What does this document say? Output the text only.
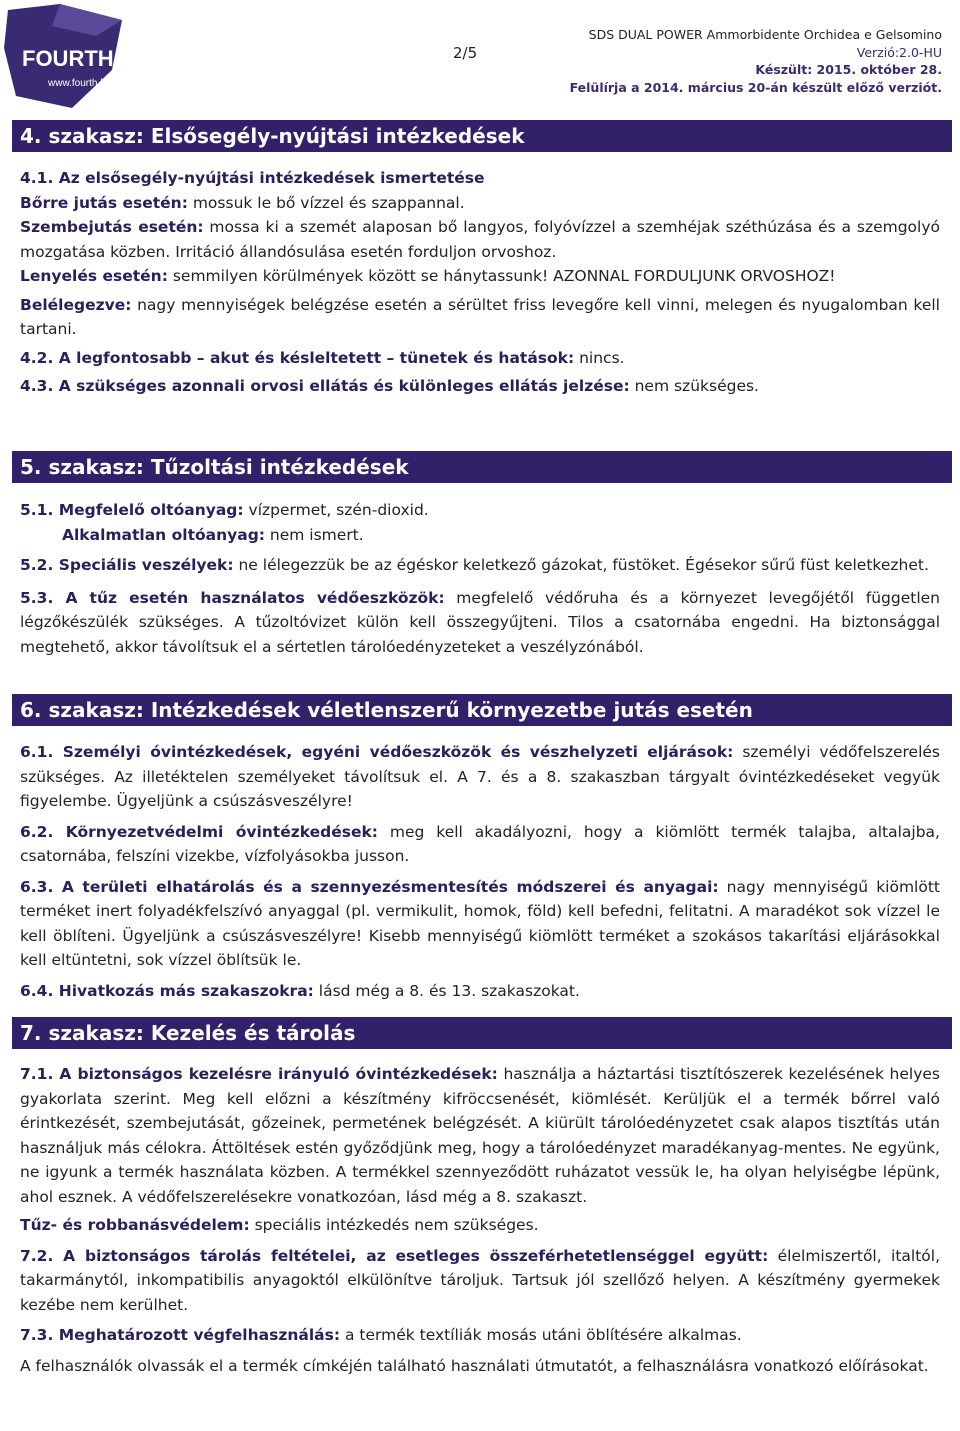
FOURTH
www.fourth.hu
2/5
SDS DUAL POWER Ammorbidente Orchidea e Gelsomino
Verzió:2.0-HU
Készült: 2015. október 28.
Felülírja a 2014. március 20-án készült előző verziót.
4. szakasz: Elsősegély-nyújtási intézkedések

4.1. Az elsősegély-nyújtási intézkedések ismertetése

Bőrre jutás esetén: mossuk le bő vízzel és szappannal.

Szembejutás esetén: mossa ki a szemét alaposan bő langyos, folyóvízzel a szemhéjak széthúzása és a szemgolyó mozgatása közben. Irritáció állandósulása esetén forduljon orvoshoz.

Lenyelés esetén: semmilyen körülmények között se hánytassunk! AZONNAL FORDULJUNK ORVOSHOZ!

Belélegezve: nagy mennyiségek belégzése esetén a sérültet friss levegőre kell vinni, melegen és nyugalomban kell tartani.

4.2. A legfontosabb – akut és késleltetett – tünetek és hatások: nincs.

4.3. A szükséges azonnali orvosi ellátás és különleges ellátás jelzése: nem szükséges.

5. szakasz: Tűzoltási intézkedések

5.1. Megfelelő oltóanyag: vízpermet, szén-dioxid.

Alkalmatlan oltóanyag: nem ismert.

5.2. Speciális veszélyek: ne lélegezzük be az égéskor keletkező gázokat, füstöket. Égésekor sűrű füst keletkezhet.

5.3. A tűz esetén használatos védőeszközök: megfelelő védőruha és a környezet levegőjétől független légzőkészülék szükséges. A tűzoltóvizet külön kell összegyűjteni. Tilos a csatornába engedni. Ha biztonsággal megtehető, akkor távolítsuk el a sértetlen tárolóedényzeteket a veszélyzónából.

6. szakasz: Intézkedések véletlenszerű környezetbe jutás esetén

6.1. Személyi óvintézkedések, egyéni védőeszközök és vészhelyzeti eljárások: személyi védőfelszerelés szükséges. Az illetéktelen személyeket távolítsuk el. A 7. és a 8. szakaszban tárgyalt óvintézkedéseket vegyük figyelembe. Ügyeljünk a csúszásveszélyre!

6.2. Környezetvédelmi óvintézkedések: meg kell akadályozni, hogy a kiömlött termék talajba, altalajba, csatornába, felszíni vizekbe, vízfolyásokba jusson.

6.3. A területi elhatárolás és a szennyezésmentesítés módszerei és anyagai: nagy mennyiségű kiömlött terméket inert folyadékfelszívó anyaggal (pl. vermikulit, homok, föld) kell befedni, felitatni. A maradékot sok vízzel le kell öblíteni. Ügyeljünk a csúszásveszélyre! Kisebb mennyiségű kiömlött terméket a szokásos takarítási eljárásokkal kell eltüntetni, sok vízzel öblítsük le.

6.4. Hivatkozás más szakaszokra: lásd még a 8. és 13. szakaszokat.

7. szakasz: Kezelés és tárolás

7.1. A biztonságos kezelésre irányuló óvintézkedések: használja a háztartási tisztítószerek kezelésének helyes gyakorlata szerint. Meg kell előzni a készítmény kifröccsenését, kiömlését. Kerüljük el a termék bőrrel való érintkezését, szembejutását, gőzeinek, permetének belégzését. A kiürült tárolóedényzetet csak alapos tisztítás után használjuk más célokra. Áttöltések estén győződjünk meg, hogy a tárolóedényzet maradékanyag-mentes. Ne együnk, ne igyunk a termék használata közben. A termékkel szennyeződött ruházatot vessük le, ha olyan helyiségbe lépünk, ahol esznek. A védőfelszerelésekre vonatkozóan, lásd még a 8. szakaszt.

Tűz- és robbanásvédelem: speciális intézkedés nem szükséges.

7.2. A biztonságos tárolás feltételei, az esetleges összeférhetetlenséggel együtt: élelmiszertől, italtól, takarmánytól, inkompatibilis anyagoktól elkülönítve tároljuk. Tartsuk jól szellőző helyen. A készítmény gyermekek kezébe nem kerülhet.

7.3. Meghatározott végfelhasználás: a termék textíliák mosás utáni öblítésére alkalmas.

A felhasználók olvassák el a termék címkéjén található használati útmutatót, a felhasználásra vonatkozó előírásokat.
